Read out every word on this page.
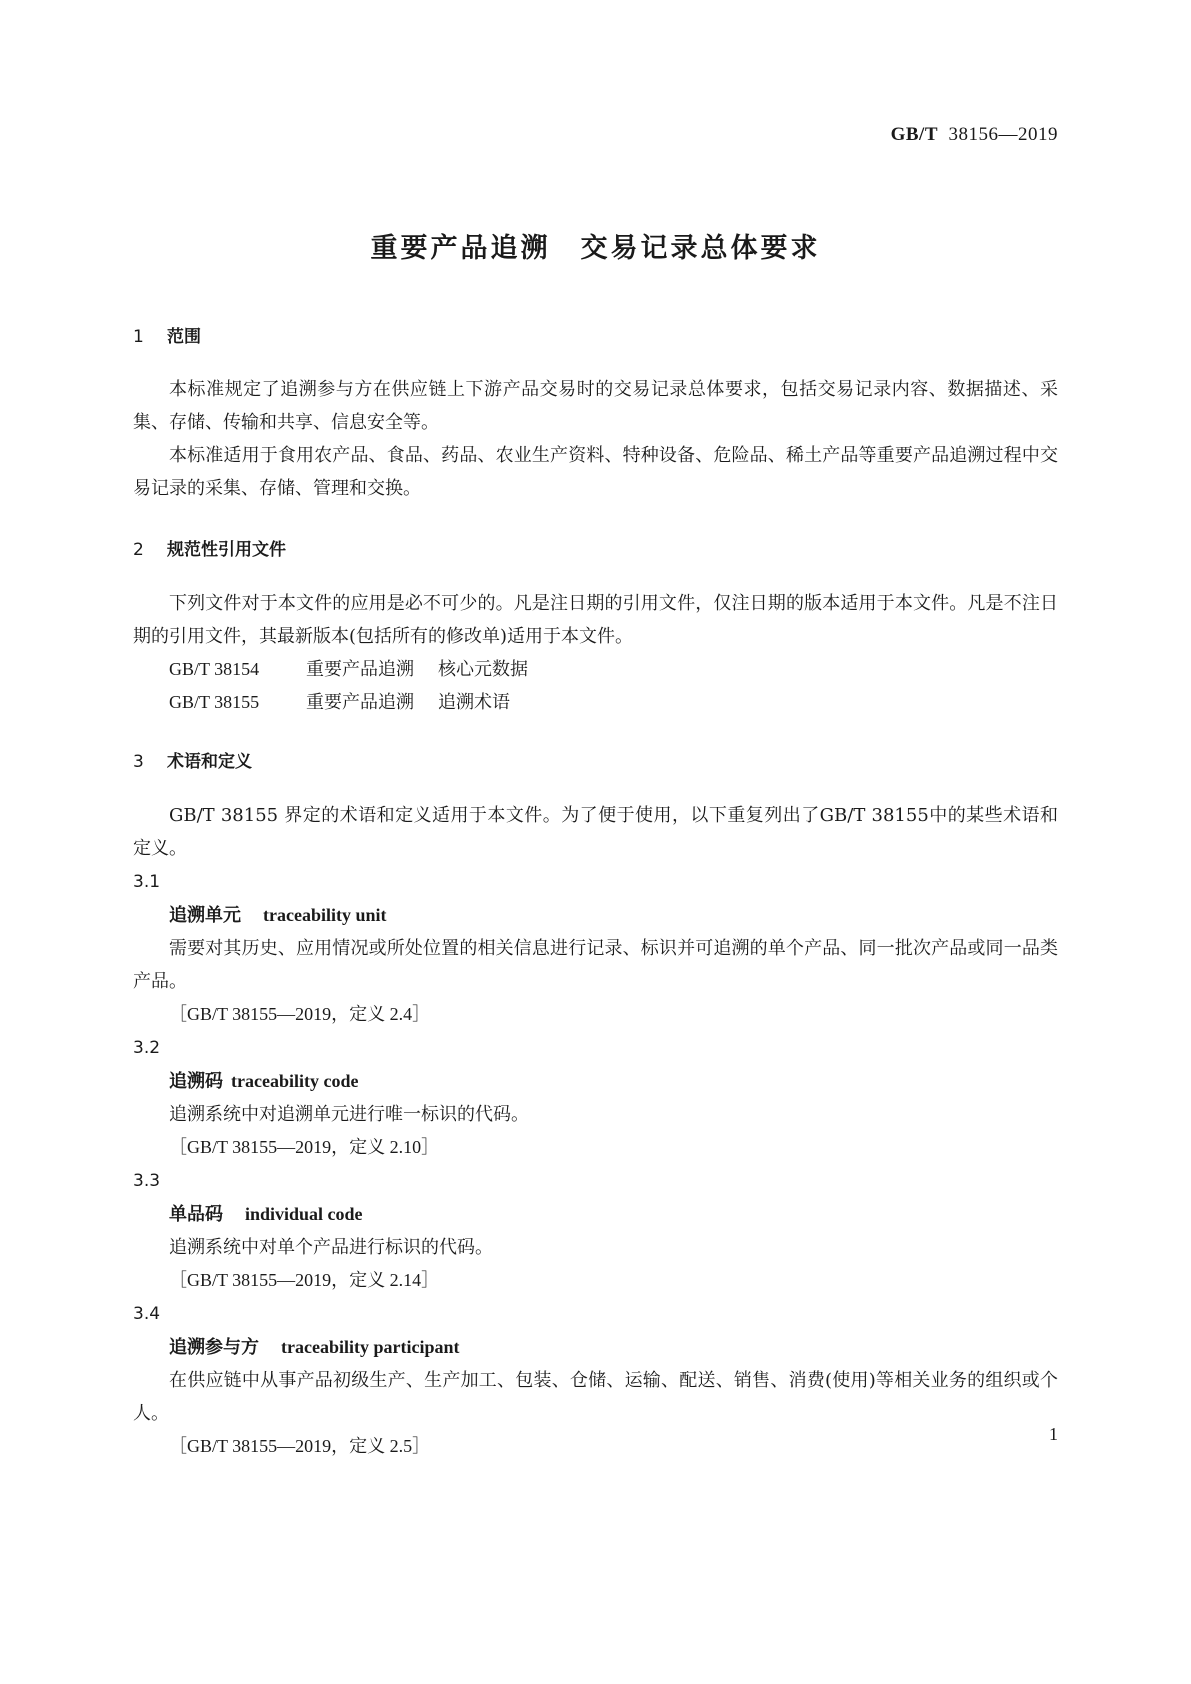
GB/T 38156—2019
重要产品追溯　交易记录总体要求
1 范围

本标准规定了追溯参与方在供应链上下游产品交易时的交易记录总体要求，包括交易记录内容、数据描述、采集、存储、传输和共享、信息安全等。

本标准适用于食用农产品、食品、药品、农业生产资料、特种设备、危险品、稀土产品等重要产品追溯过程中交易记录的采集、存储、管理和交换。

2 规范性引用文件

下列文件对于本文件的应用是必不可少的。凡是注日期的引用文件，仅注日期的版本适用于本文件。凡是不注日期的引用文件，其最新版本(包括所有的修改单)适用于本文件。

GB/T 38154	重要产品追溯 核心元数据
GB/T 38155	重要产品追溯 追溯术语
3 术语和定义

GB/T 38155 界定的术语和定义适用于本文件。为了便于使用，以下重复列出了GB/T 38155中的某些术语和定义。

3.1
追溯单元 traceability unit

需要对其历史、应用情况或所处位置的相关信息进行记录、标识并可追溯的单个产品、同一批次产品或同一品类产品。

［GB/T 38155—2019，定义 2.4］
3.2
追溯码 traceability code

追溯系统中对追溯单元进行唯一标识的代码。

［GB/T 38155—2019，定义 2.10］
3.3
单品码 individual code

追溯系统中对单个产品进行标识的代码。

［GB/T 38155—2019，定义 2.14］
3.4
追溯参与方 traceability participant

在供应链中从事产品初级生产、生产加工、包装、仓储、运输、配送、销售、消费(使用)等相关业务的组织或个人。

［GB/T 38155—2019，定义 2.5］
1
